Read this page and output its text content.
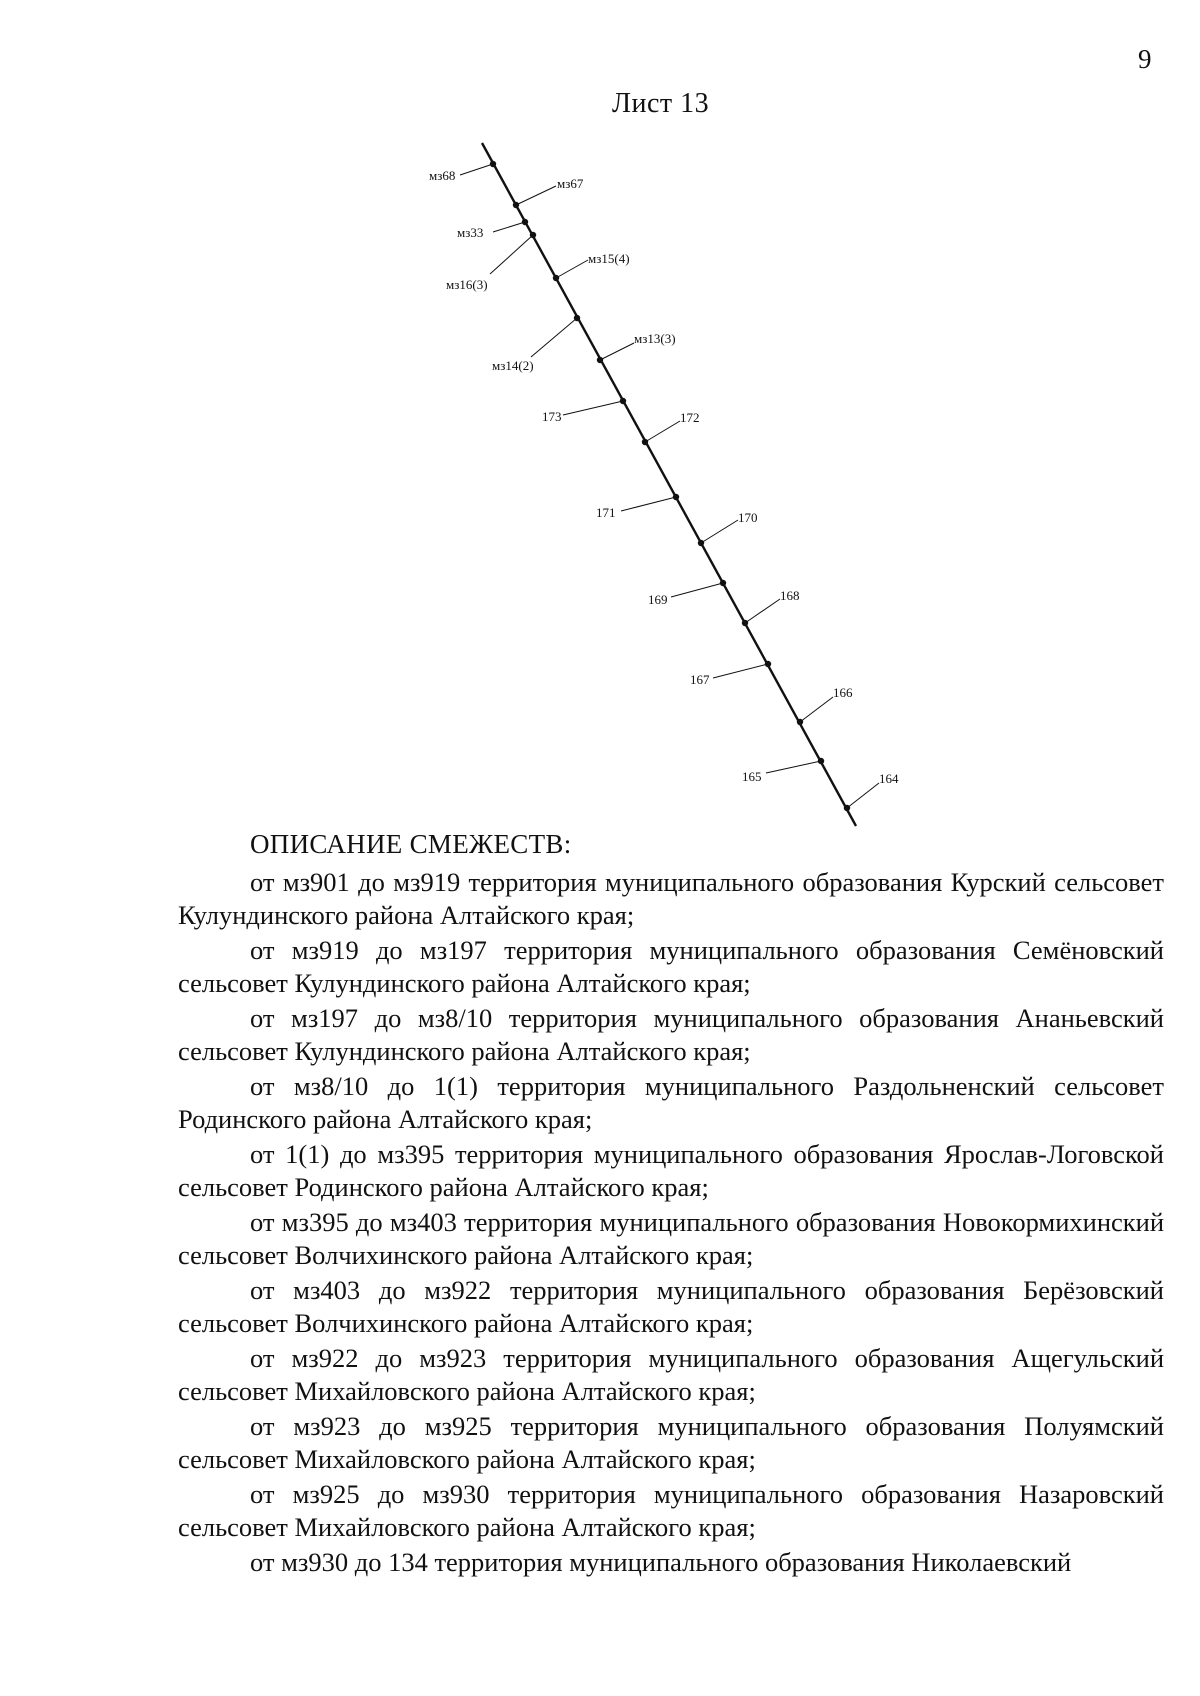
9
Лист 13
мз68
мз67
мз33
мз16(3)
мз15(4)
мз14(2)
мз13(3)
173	172
171	170
169	168
167
166
165	164
ОПИСАНИЕ СМЕЖЕСТВ:

от мз901 до мз919 территория муниципального образования Курский сельсовет Кулундинского района Алтайского края;

от мз919 до мз197 территория муниципального образования Семёновский сельсовет Кулундинского района Алтайского края;

от мз197 до мз8/10 территория муниципального образования Ананьевский сельсовет Кулундинского района Алтайского края;

от мз8/10 до 1(1) территория муниципального Раздольненский сельсовет Родинского района Алтайского края;

от 1(1) до мз395 территория муниципального образования Ярослав-Логовской сельсовет Родинского района Алтайского края;

от мз395 до мз403 территория муниципального образования Новокормихинский сельсовет Волчихинского района Алтайского края;

от мз403 до мз922 территория муниципального образования Берёзовский сельсовет Волчихинского района Алтайского края;

от мз922 до мз923 территория муниципального образования Ащегульский сельсовет Михайловского района Алтайского края;

от мз923 до мз925 территория муниципального образования Полуямский сельсовет Михайловского района Алтайского края;

от мз925 до мз930 территория муниципального образования Назаровский сельсовет Михайловского района Алтайского края;

от мз930 до 134 территория муниципального образования Николаевский
